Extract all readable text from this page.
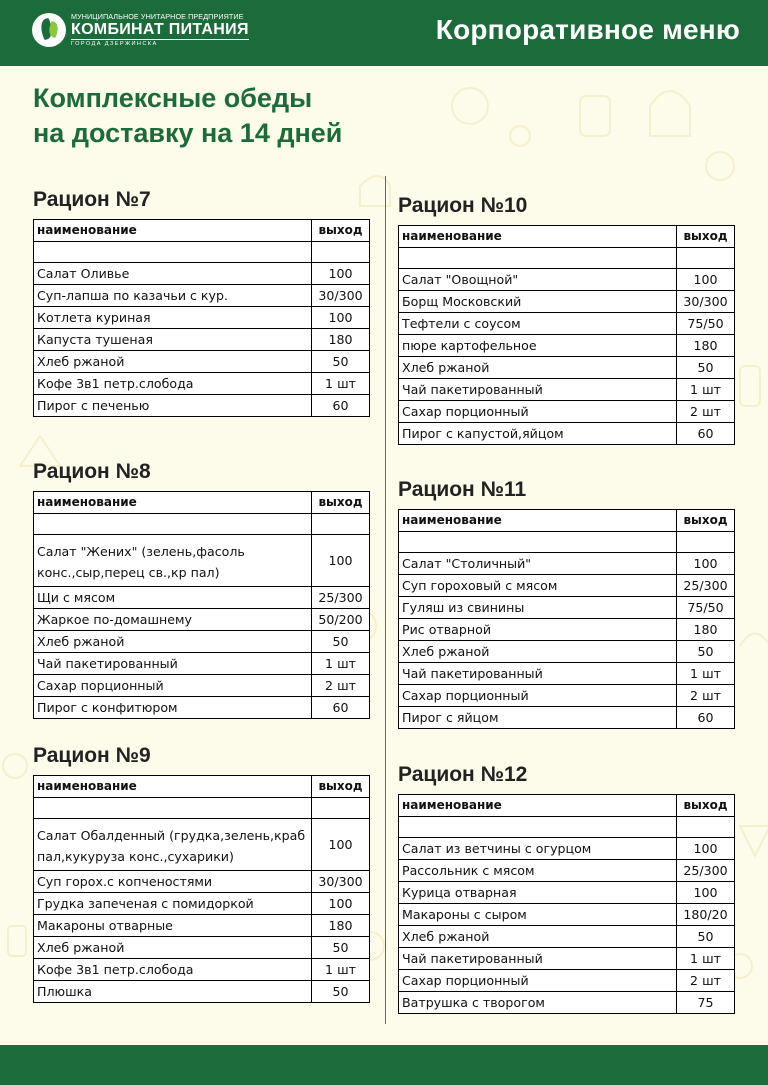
МУНИЦИПАЛЬНОЕ УНИТАРНОЕ ПРЕДПРИЯТИЕ
КОМБИНАТ ПИТАНИЯ
ГОРОДА ДЗЕРЖИНСКА	Корпоративное меню
Комплексные обеды
на доставку на 14 дней
Рацион №7
наименование	выход

Салат Оливье	100
Суп-лапша по казачьи с кур.	30/300
Котлета куриная	100
Капуста тушеная	180
Хлеб ржаной	50
Кофе 3в1 петр.слобода	1 шт
Пирог с печенью	60
Рацион №8
наименование	выход

Салат "Жених" (зелень,фасоль конс.,сыр,перец св.,кр пал)	100
Щи с мясом	25/300
Жаркое по-домашнему	50/200
Хлеб ржаной	50
Чай пакетированный	1 шт
Сахар порционный	2 шт
Пирог с конфитюром	60
Рацион №9
наименование	выход

Салат Обалденный (грудка,зелень,краб пал,кукуруза конс.,сухарики)	100
Суп горох.с копченостями	30/300
Грудка запеченая с помидоркой	100
Макароны отварные	180
Хлеб ржаной	50
Кофе 3в1 петр.слобода	1 шт
Плюшка	50
Рацион №10
наименование	выход

Салат "Овощной"	100
Борщ Московский	30/300
Тефтели с соусом	75/50
пюре картофельное	180
Хлеб ржаной	50
Чай пакетированный	1 шт
Сахар порционный	2 шт
Пирог с капустой,яйцом	60
Рацион №11
наименование	выход

Салат "Столичный"	100
Суп гороховый с мясом	25/300
Гуляш из свинины	75/50
Рис отварной	180
Хлеб ржаной	50
Чай пакетированный	1 шт
Сахар порционный	2 шт
Пирог с яйцом	60
Рацион №12
наименование	выход

Салат из ветчины с огурцом	100
Рассольник с мясом	25/300
Курица отварная	100
Макароны с сыром	180/20
Хлеб ржаной	50
Чай пакетированный	1 шт
Сахар порционный	2 шт
Ватрушка с творогом	75
